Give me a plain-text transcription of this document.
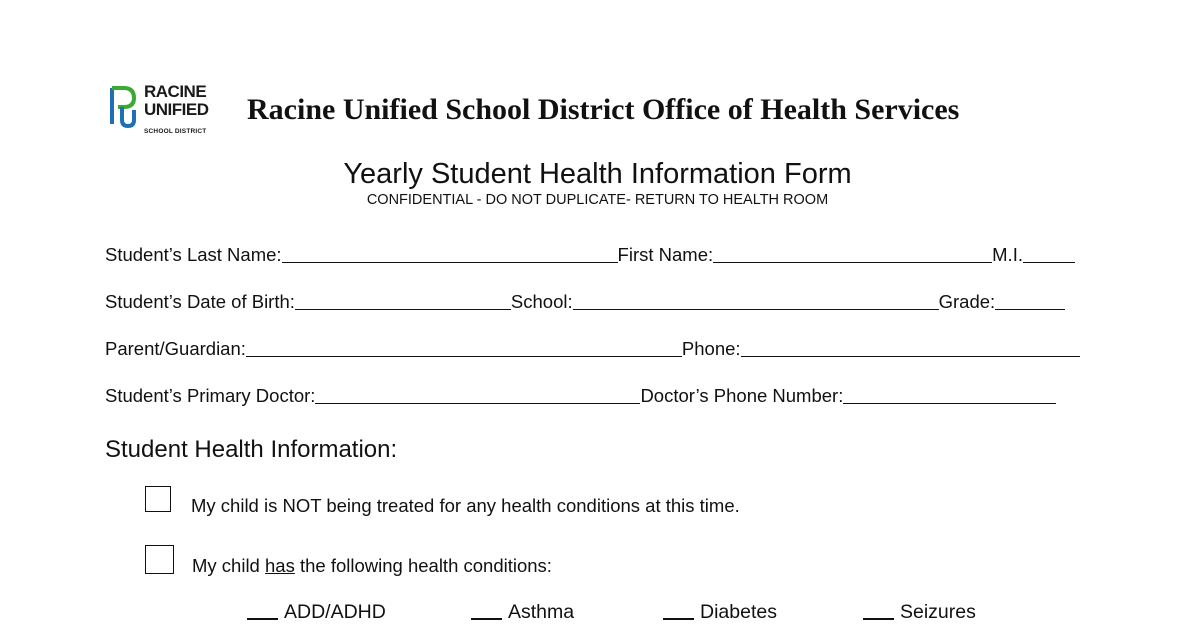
RACINE
UNIFIED
SCHOOL DISTRICT
Racine Unified School District Office of Health Services
Yearly Student Health Information Form
CONFIDENTIAL - DO NOT DUPLICATE- RETURN TO HEALTH ROOM
Student’s Last Name:	First Name:	M.I.
Student’s Date of Birth:	School:	Grade:
Parent/Guardian:	Phone:
Student’s Primary Doctor:	Doctor’s Phone Number:
Student Health Information:
My child is NOT being treated for any health conditions at this time.
My child has the following health conditions:
ADD/ADHD	Asthma	Diabetes	Seizures
